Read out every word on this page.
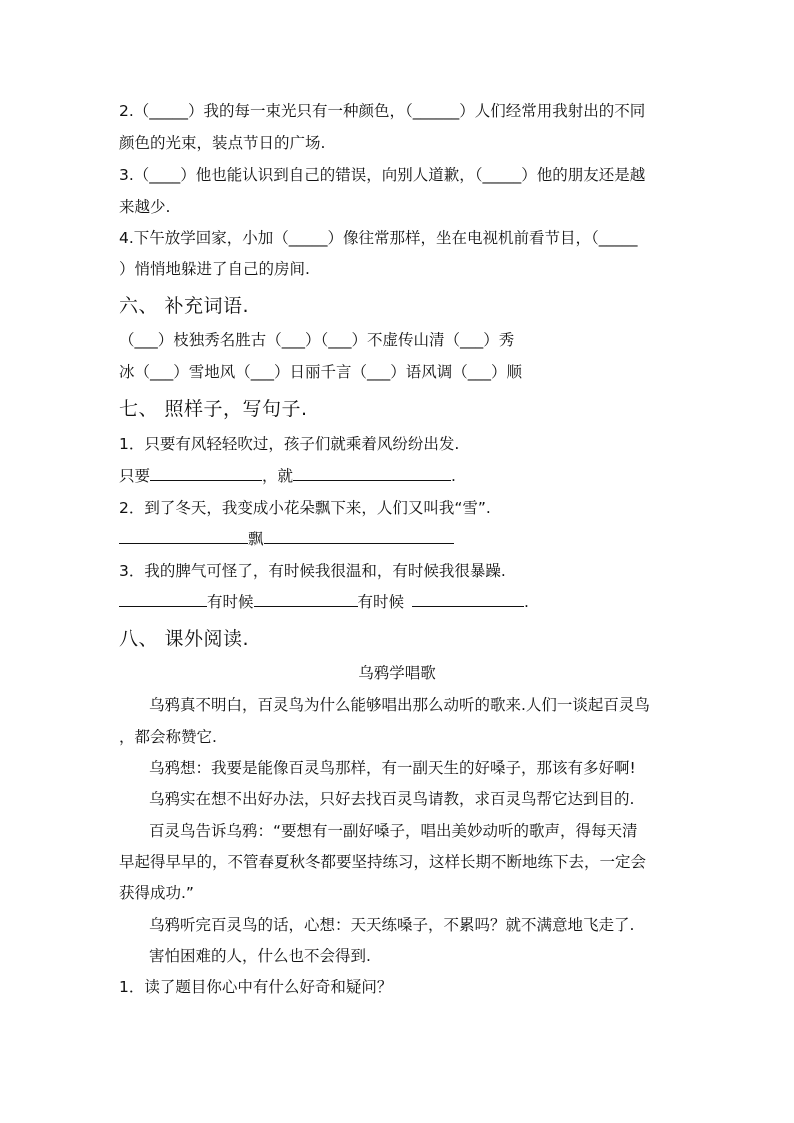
2.（_____）我的每一束光只有一种颜色，（______）人们经常用我射出的不同
颜色的光束，装点节日的广场.
3.（____）他也能认识到自己的错误，向别人道歉，（_____）他的朋友还是越
来越少.
4.下午放学回家，小加（_____）像往常那样，坐在电视机前看节目，（_____
）悄悄地躲进了自己的房间.
六、 补充词语.
（___）枝独秀名胜古（___）（___）不虚传山清（___）秀
冰（___）雪地风（___）日丽千言（___）语风调（___）顺
七、 照样子，写句子.
1．只要有风轻轻吹过，孩子们就乘着风纷纷出发.
只要	，就	.
2．到了冬天，我变成小花朵飘下来，人们又叫我“雪”.
飘
3．我的脾气可怪了，有时候我很温和，有时候我很暴躁.
有时候	有时候	.
八、 课外阅读.
乌鸦学唱歌
乌鸦真不明白，百灵鸟为什么能够唱出那么动听的歌来.人们一谈起百灵鸟
，都会称赞它.
乌鸦想：我要是能像百灵鸟那样，有一副天生的好嗓子，那该有多好啊!
乌鸦实在想不出好办法，只好去找百灵鸟请教，求百灵鸟帮它达到目的.
百灵鸟告诉乌鸦：“要想有一副好嗓子，唱出美妙动听的歌声，得每天清
早起得早早的，不管春夏秋冬都要坚持练习，这样长期不断地练下去，一定会
获得成功.”
乌鸦听完百灵鸟的话，心想：天天练嗓子，不累吗？就不满意地飞走了.
害怕困难的人，什么也不会得到.
1．读了题目你心中有什么好奇和疑问？
